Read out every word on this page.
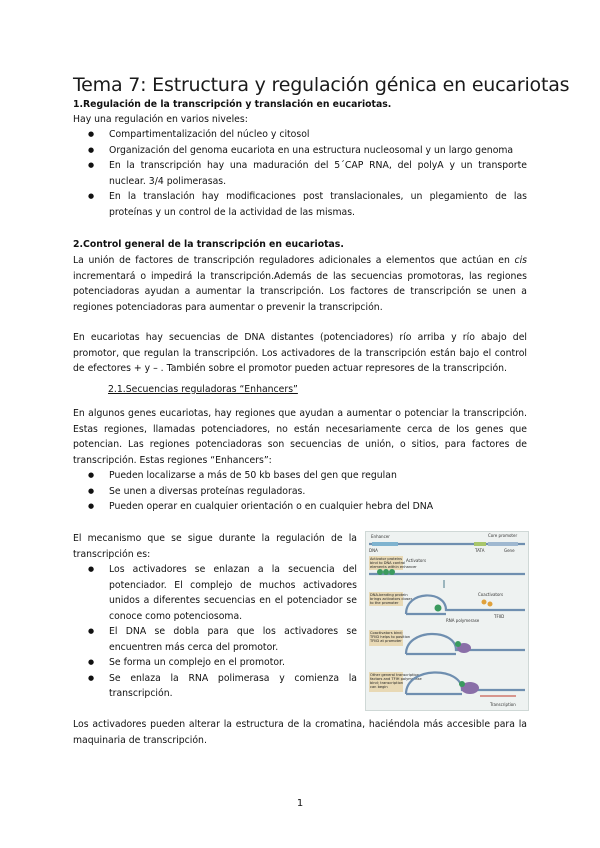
Tema 7: Estructura y regulación génica en eucariotas
1.Regulación de la transcripción y translación en eucariotas.
Hay una regulación en varios niveles:
● Compartimentalización del núcleo y citosol
● Organización del genoma eucariota en una estructura nucleosomal y un largo genoma
● En la transcripción hay una maduración del 5´CAP RNA, del polyA y un transporte nuclear. 3/4 polimerasas.
● En la translación hay modificaciones post translacionales, un plegamiento de las proteínas y un control de la actividad de las mismas.
2.Control general de la transcripción en eucariotas.
La unión de factores de transcripción reguladores adicionales a elementos que actúan en cis incrementará o impedirá la transcripción.Además de las secuencias promotoras, las regiones potenciadoras ayudan a aumentar la transcripción. Los factores de transcripción se unen a regiones potenciadoras para aumentar o prevenir la transcripción.
En eucariotas hay secuencias de DNA distantes (potenciadores) río arriba y río abajo del promotor, que regulan la transcripción. Los activadores de la transcripción están bajo el control de efectores + y – . También sobre el promotor pueden actuar represores de la transcripción.
2.1.Secuencias reguladoras “Enhancers”
En algunos genes eucariotas, hay regiones que ayudan a aumentar o potenciar la transcripción. Estas regiones, llamadas potenciadores, no están necesariamente cerca de los genes que potencian. Las regiones potenciadoras son secuencias de unión, o sitios, para factores de transcripción. Estas regiones “Enhancers”:
● Pueden localizarse a más de 50 kb bases del gen que regulan
● Se unen a diversas proteínas reguladoras.
● Pueden operar en cualquier orientación o en cualquier hebra del DNA
El mecanismo que se sigue durante la regulación de la transcripción es:
● Los activadores se enlazan a la secuencia del potenciador. El complejo de muchos activadores unidos a diferentes secuencias en el potenciador se conoce como potenciosoma.
● El DNA se dobla para que los activadores se encuentren más cerca del promotor.
● Se forma un complejo en el promotor.
● Se enlaza la RNA polimerasa y comienza la transcripción.
Enhancer	Core promoter
DNA	TATA	Gene
Activator proteins bind to DNA control elements within enhancer
Activators
DNA-bending protein brings activators closer to the promoter
Coactivators
TFIID
RNA polymerase
Coactivators bind; TFIID helps to position TFIID at promoter
Other general transcription factors and TFIH polymerase bind; transcription can begin
Transcription
Los activadores pueden alterar la estructura de la cromatina, haciéndola más accesible para la maquinaria de transcripción.
1
